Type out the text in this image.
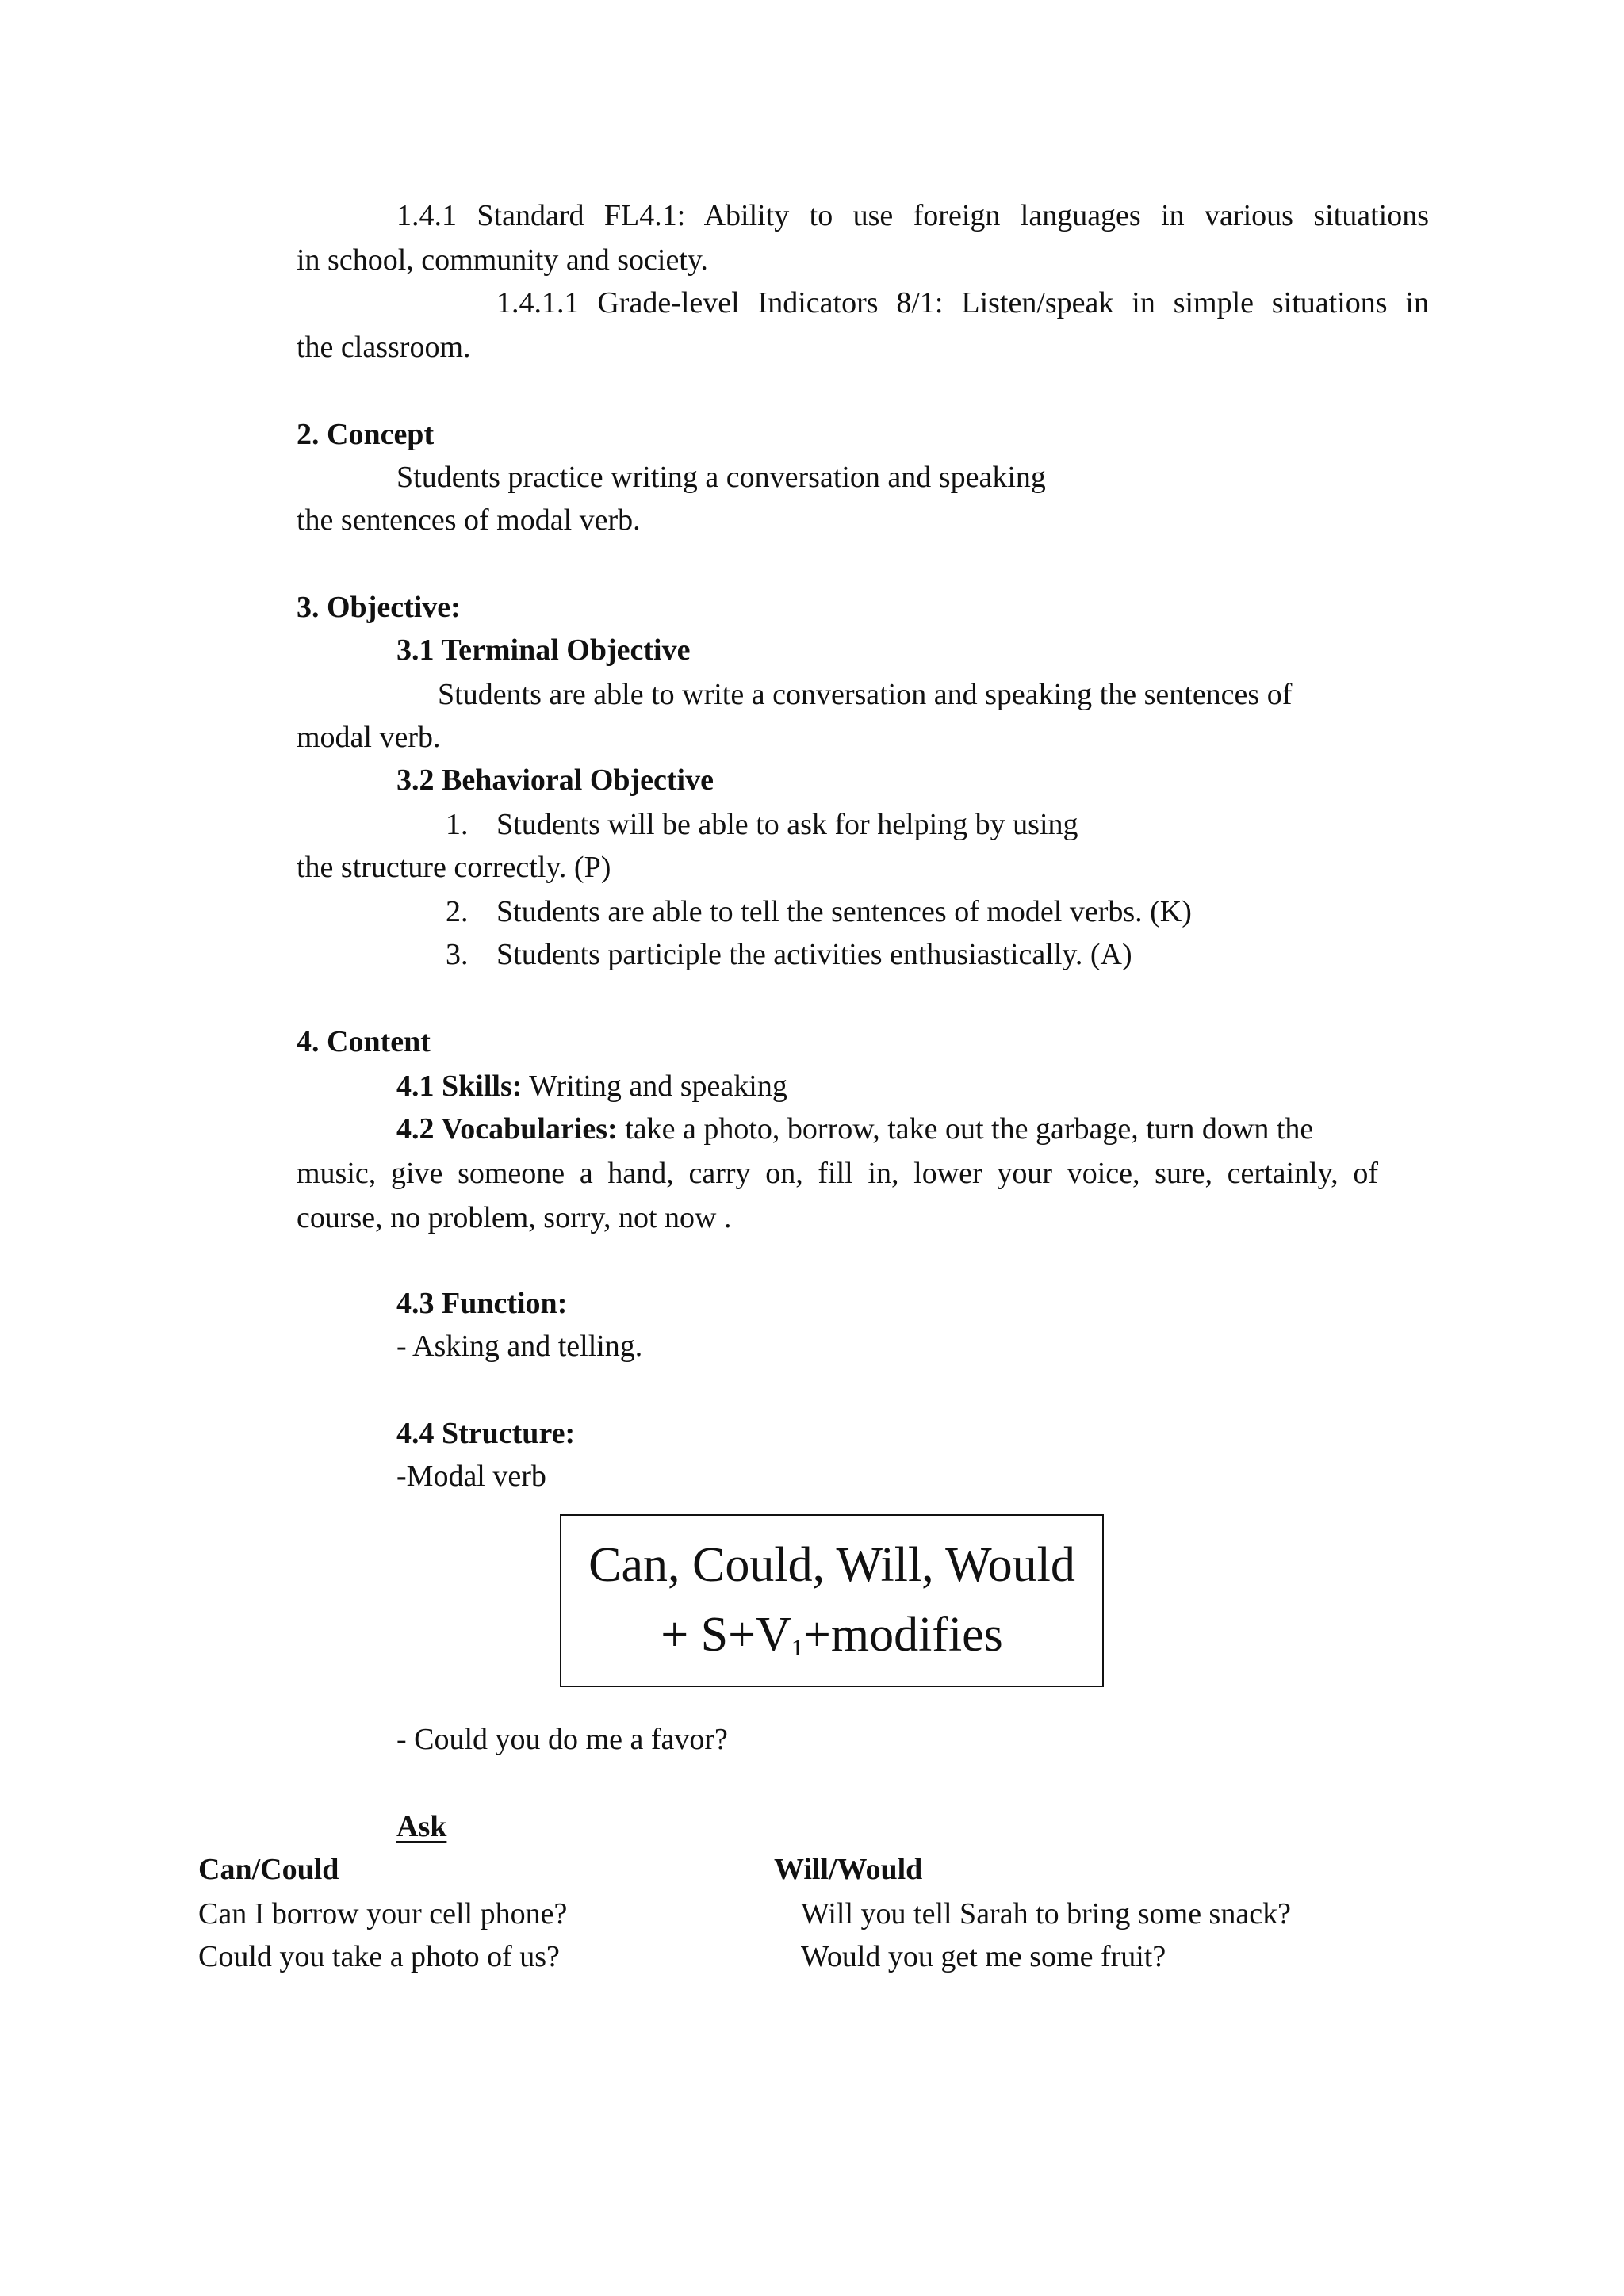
1.4.1 Standard FL4.1: Ability to use foreign languages in various situations
in school, community and society.
1.4.1.1 Grade-level Indicators 8/1: Listen/speak in simple situations in
the classroom.
2. Concept
Students practice writing a conversation and speaking
the sentences of modal verb.
3. Objective:
3.1 Terminal Objective
Students are able to write a conversation and speaking the sentences of
modal verb.
3.2 Behavioral Objective
1. Students will be able to ask for helping by using
the structure correctly. (P)
2. Students are able to tell the sentences of model verbs. (K)
3. Students participle the activities enthusiastically. (A)
4. Content
4.1 Skills: Writing and speaking
4.2 Vocabularies: take a photo, borrow, take out the garbage, turn down the
music, give someone a hand, carry on, fill in, lower your voice, sure, certainly, of
course, no problem, sorry, not now .
4.3 Function:
- Asking and telling.
4.4 Structure:
-Modal verb
Can, Could, Will, Would
+ $S+V_1+modifies$
- Could you do me a favor?
Ask
Can/Could
Can I borrow your cell phone?
Could you take a photo of us?
Will/Would
Will you tell Sarah to bring some snack?
Would you get me some fruit?
